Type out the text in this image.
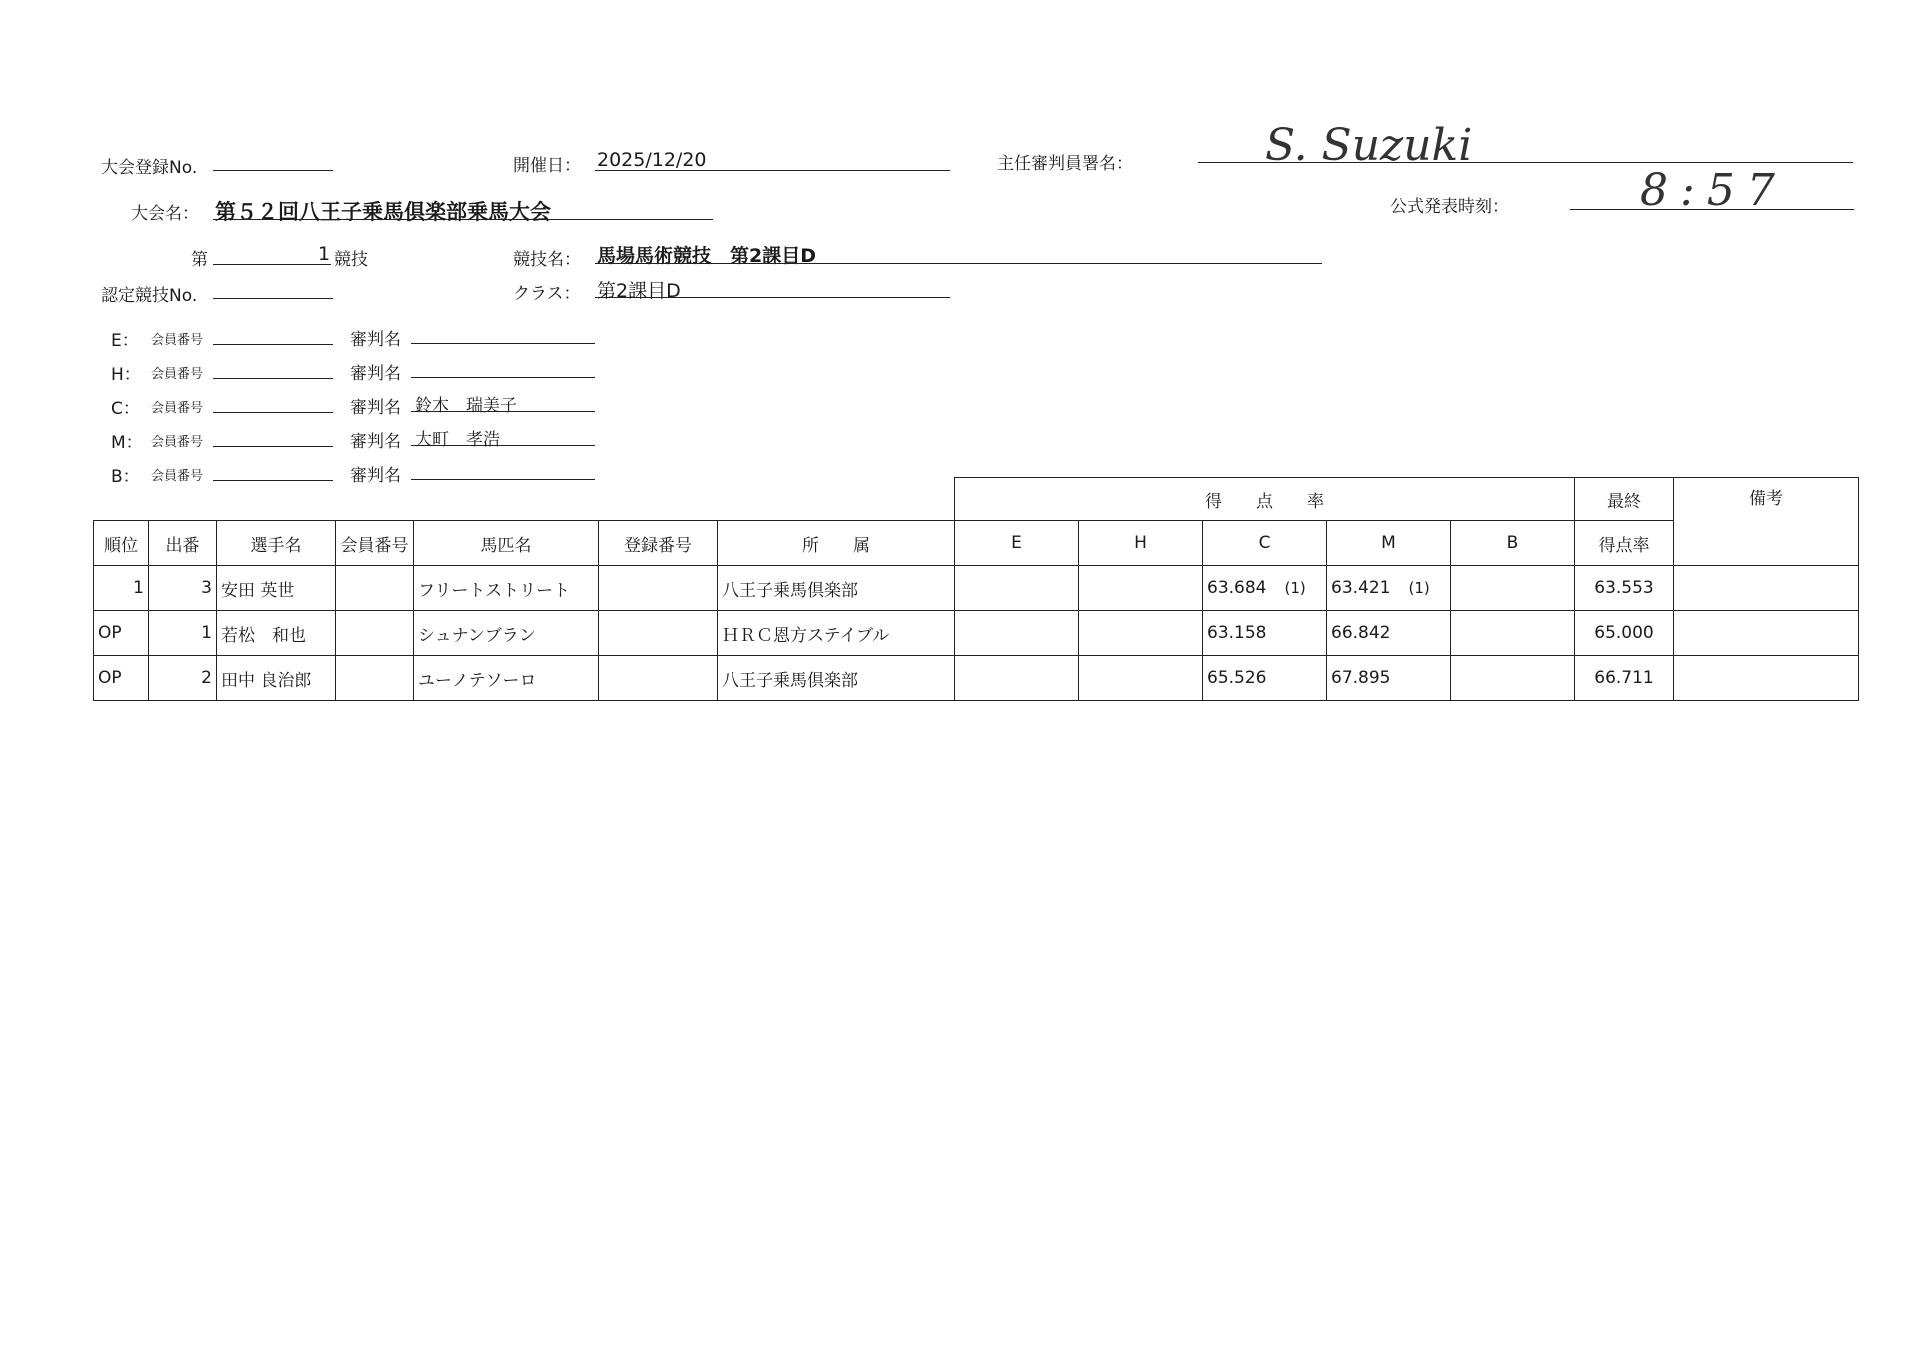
大会登録No.	開催日： 2025/12/20	主任審判員署名：	S. Suzuki
大会名： 第５２回八王子乗馬倶楽部乗馬大会	公式発表時刻：	8:57
第	1 競技	競技名： 馬場馬術競技　第2課目D
認定競技No.	クラス： 第2課目D
E： 会員番号	審判名
H： 会員番号	審判名
C： 会員番号	審判名 鈴木　瑞美子
M： 会員番号	審判名 大町　孝浩
B： 会員番号	審判名
							得　　点　　率					最終	備考
順位	出番	選手名	会員番号	馬匹名	登録番号	所　　属	E	H	C	M	B	得点率	
1	3	安田 英世		フリートストリート		八王子乗馬倶楽部			63.684 (1)	63.421 (1)		63.553	
OP	1	若松　和也		シュナンブラン		ＨＲＣ恩方ステイブル			63.158	66.842		65.000	
OP	2	田中 良治郎		ユーノテソーロ		八王子乗馬倶楽部			65.526	67.895		66.711	
